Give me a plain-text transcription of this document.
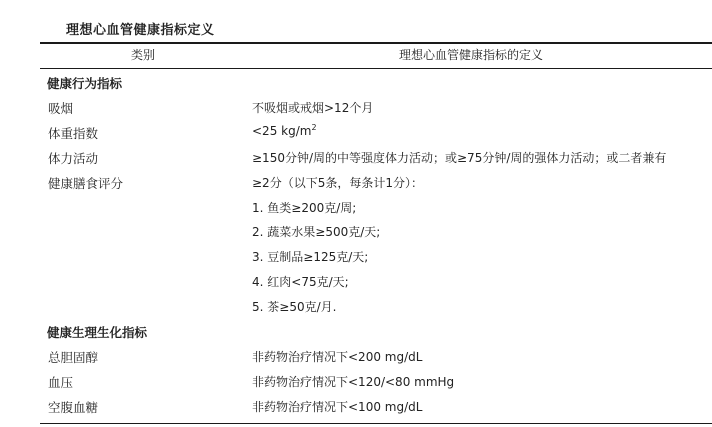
理想心血管健康指标定义
类别	理想心血管健康指标的定义
健康行为指标
吸烟	不吸烟或戒烟>12个月
体重指数	<25 $kg/m^2$
体力活动	≥150分钟/周的中等强度体力活动；或≥75分钟/周的强体力活动；或二者兼有
健康膳食评分	≥2分（以下5条，每条计1分）：
1. 鱼类≥200克/周;
2. 蔬菜水果≥500克/天;
3. 豆制品≥125克/天;
4. 红肉<75克/天;
5. 茶≥50克/月.
健康生理生化指标
总胆固醇	非药物治疗情况下<200 mg/dL
血压	非药物治疗情况下<120/<80 mmHg
空腹血糖	非药物治疗情况下<100 mg/dL
